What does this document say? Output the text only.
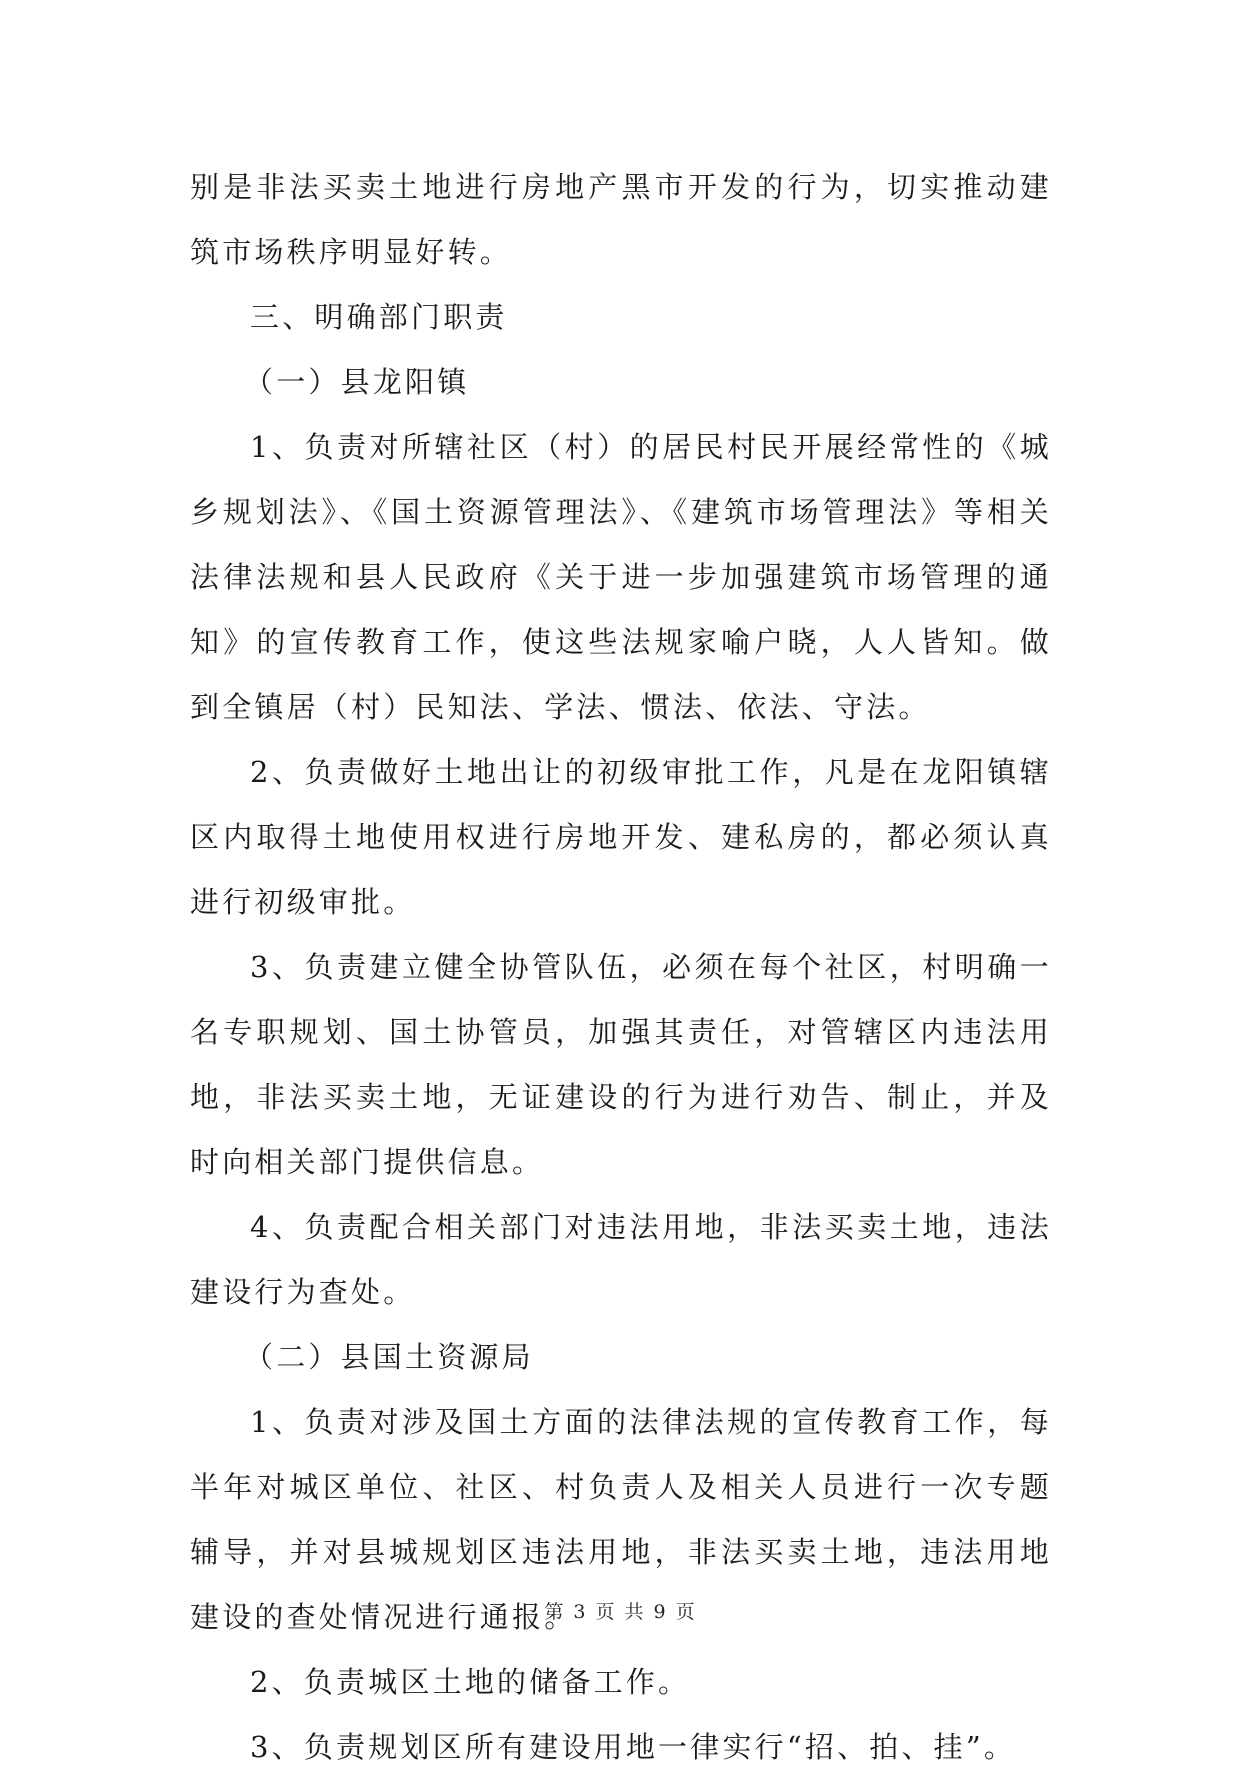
别是非法买卖土地进行房地产黑市开发的行为，切实推动建筑市场秩序明显好转。

三、明确部门职责

（一）县龙阳镇

1、负责对所辖社区（村）的居民村民开展经常性的《城乡规划法》、《国土资源管理法》、《建筑市场管理法》等相关法律法规和县人民政府《关于进一步加强建筑市场管理的通知》的宣传教育工作，使这些法规家喻户晓，人人皆知。做到全镇居（村）民知法、学法、惯法、依法、守法。

2、负责做好土地出让的初级审批工作，凡是在龙阳镇辖区内取得土地使用权进行房地开发、建私房的，都必须认真进行初级审批。

3、负责建立健全协管队伍，必须在每个社区，村明确一名专职规划、国土协管员，加强其责任，对管辖区内违法用地，非法买卖土地，无证建设的行为进行劝告、制止，并及时向相关部门提供信息。

4、负责配合相关部门对违法用地，非法买卖土地，违法建设行为查处。

（二）县国土资源局

1、负责对涉及国土方面的法律法规的宣传教育工作，每半年对城区单位、社区、村负责人及相关人员进行一次专题辅导，并对县城规划区违法用地，非法买卖土地，违法用地建设的查处情况进行通报。

2、负责城区土地的储备工作。

3、负责规划区所有建设用地一律实行“招、拍、挂”。

第 3 页 共 9 页
